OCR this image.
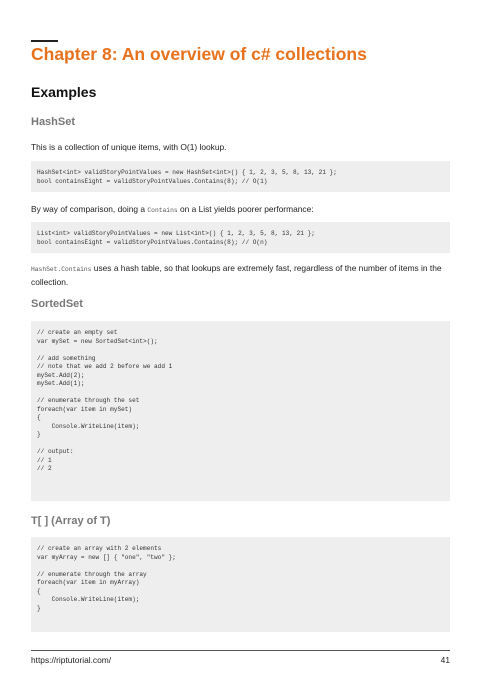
Chapter 8: An overview of c# collections
Examples
HashSet
This is a collection of unique items, with O(1) lookup.
HashSet<int> validStoryPointValues = new HashSet<int>() { 1, 2, 3, 5, 8, 13, 21 };
bool containsEight = validStoryPointValues.Contains(8); // O(1)
By way of comparison, doing a Contains on a List yields poorer performance:
List<int> validStoryPointValues = new List<int>() { 1, 2, 3, 5, 8, 13, 21 };
bool containsEight = validStoryPointValues.Contains(8); // O(n)
HashSet.Contains uses a hash table, so that lookups are extremely fast, regardless of the number of items in the collection.
SortedSet
// create an empty set
var mySet = new SortedSet<int>();
// add something
// note that we add 2 before we add 1
mySet.Add(2);
mySet.Add(1);
// enumerate through the set
foreach(var item in mySet)
{
Console.WriteLine(item);
}
// output:
// 1
// 2
T[ ] (Array of T)
// create an array with 2 elements
var myArray = new [] { "one", "two" };
// enumerate through the array
foreach(var item in myArray)
{
Console.WriteLine(item);
}
https://riptutorial.com/	41
